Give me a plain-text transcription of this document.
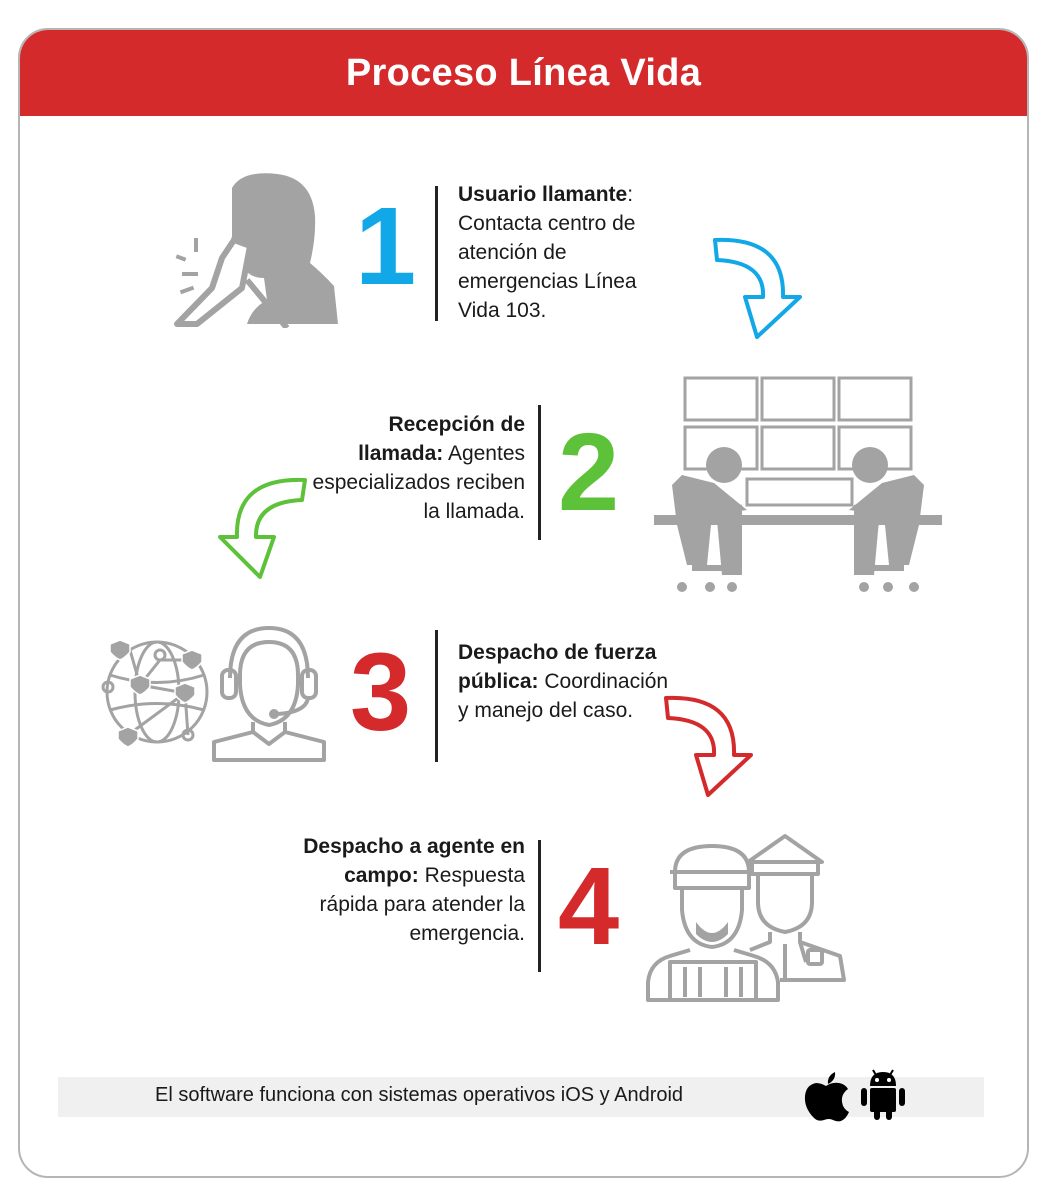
Proceso Línea Vida
1 Usuario llamante: Contacta centro de atención de emergencias Línea Vida 103.
Recepción de llamada: Agentes especializados reciben la llamada. 2
3 Despacho de fuerza pública: Coordinación y manejo del caso.
Despacho a agente en campo: Respuesta rápida para atender la emergencia. 4
El software funciona con sistemas operativos iOS y Android
